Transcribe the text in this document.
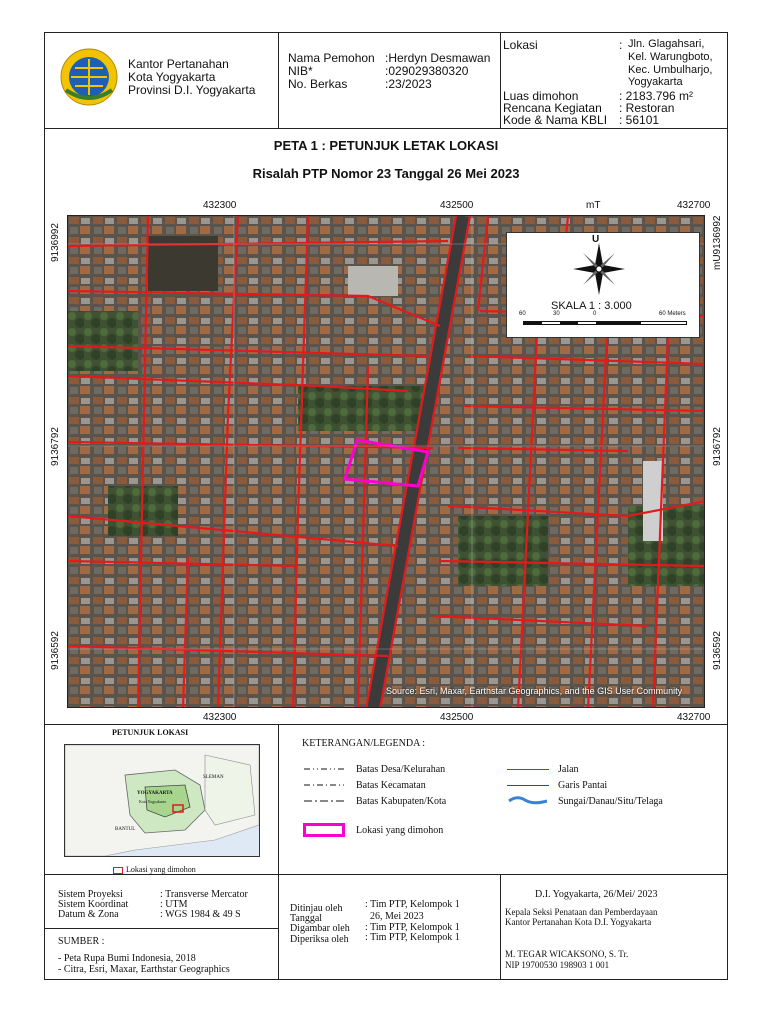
Kantor Pertanahan
Kota Yogyakarta
Provinsi D.I. Yogyakarta
Nama Pemohon :Herdyn Desmawan
NIB*	:029029380320
No. Berkas	:23/2023
Lokasi	: Jln. Glagahsari,
Kel. Warungboto,
Kec. Umbulharjo,
Yogyakarta
Luas dimohon	: 2183.796 m²
Rencana Kegiatan : Restoran
Kode & Nama KBLI : 56101
PETA 1 : PETUNJUK LETAK LOKASI
Risalah PTP Nomor 23 Tanggal 26 Mei 2023
432300	432500	mT	432700
432300	432500	432700
9136992
9136792
9136592
mU9136992
9136792
9136592
Source: Esri, Maxar, Earthstar Geographics, and the GIS User Community
U
SKALA 1 : 3.000
60	30	0	60 Meters
PETUNJUK LOKASI
SLEMAN
YOGYAKARTA
Kota Yogyakarta
BANTUL
Lokasi yang dimohon
KETERANGAN/LEGENDA :
Batas Desa/Kelurahan
Batas Kecamatan
Batas Kabupaten/Kota
Jalan
Garis Pantai
Sungai/Danau/Situ/Telaga
Lokasi yang dimohon
Sistem Proyeksi	: Transverse Mercator
Sistem Koordinat	: UTM
Datum & Zona	: WGS 1984 & 49 S
SUMBER :
- Peta Rupa Bumi Indonesia, 2018
- Citra, Esri, Maxar, Earthstar Geographics
Ditinjau oleh : Tim PTP, Kelompok 1
Tanggal	26, Mei 2023
Digambar oleh : Tim PTP, Kelompok 1
Diperiksa oleh : Tim PTP, Kelompok 1
D.I. Yogyakarta, 26/Mei/ 2023
Kepala Seksi Penataan dan Pemberdayaan
Kantor Pertanahan Kota D.I. Yogyakarta
M. TEGAR WICAKSONO, S. Tr.
NIP 19700530 198903 1 001
